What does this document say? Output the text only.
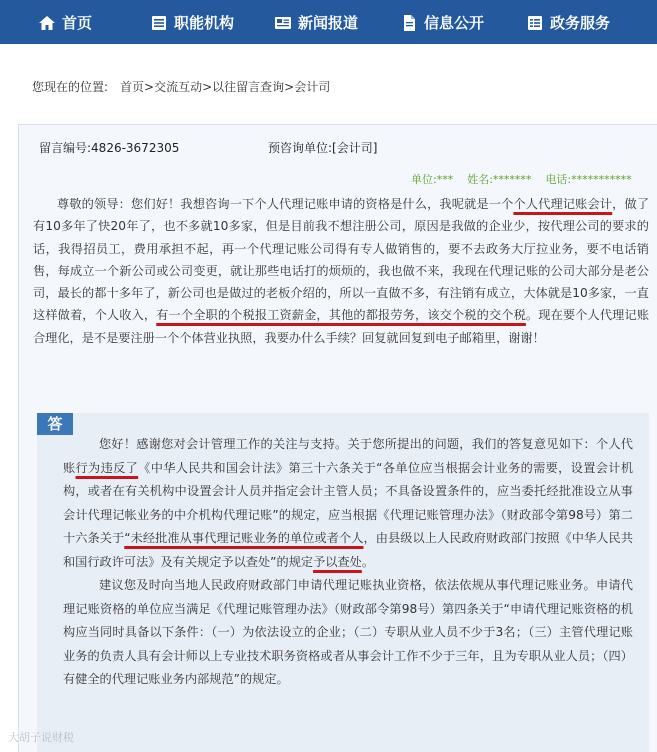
首页	职能机构	新闻报道	信息公开	政务服务
您现在的位置: 首页>交流互动>以往留言查询>会计司
留言编号:4826-3672305	预咨询单位:[会计司]
单位:*** 姓名:******* 电话:***********
尊敬的领导：您们好！我想咨询一下个人代理记账申请的资格是什么，我呢就是一个个人代理记账会计，做了有10多年了快20年了，也不多就10多家，但是目前我不想注册公司，原因是我做的企业少，按代理公司的要求的话，我得招员工，费用承担不起，再一个代理记账公司得有专人做销售的，要不去政务大厅拉业务，要不电话销售，每成立一个新公司或公司变更，就让那些电话打的烦烦的，我也做不来，我现在代理记账的公司大部分是老公司，最长的都十多年了，新公司也是做过的老板介绍的，所以一直做不多，有注销有成立，大体就是10多家，一直这样做着，个人收入，有一个全职的个税报工资薪金，其他的都报劳务，该交个税的交个税。现在要个人代理记账合理化，是不是要注册一个个体营业执照，我要办什么手续？回复就回复到电子邮箱里，谢谢！
答

您好！感谢您对会计管理工作的关注与支持。关于您所提出的问题，我们的答复意见如下：个人代账行为违反了《中华人民共和国会计法》第三十六条关于“各单位应当根据会计业务的需要，设置会计机构，或者在有关机构中设置会计人员并指定会计主管人员；不具备设置条件的，应当委托经批准设立从事会计代理记帐业务的中介机构代理记账”的规定，应当根据《代理记账管理办法》（财政部令第98号）第二十六条关于“未经批准从事代理记账业务的单位或者个人，由县级以上人民政府财政部门按照《中华人民共和国行政许可法》及有关规定予以查处”的规定予以查处。

建议您及时向当地人民政府财政部门申请代理记账执业资格，依法依规从事代理记账业务。申请代理记账资格的单位应当满足《代理记账管理办法》（财政部令第98号）第四条关于“申请代理记账资格的机构应当同时具备以下条件：（一）为依法设立的企业；（二）专职从业人员不少于3名；（三）主管代理记账业务的负责人具有会计师以上专业技术职务资格或者从事会计工作不少于三年，且为专职从业人员；（四）有健全的代理记账业务内部规范”的规定。

大胡子说财税
